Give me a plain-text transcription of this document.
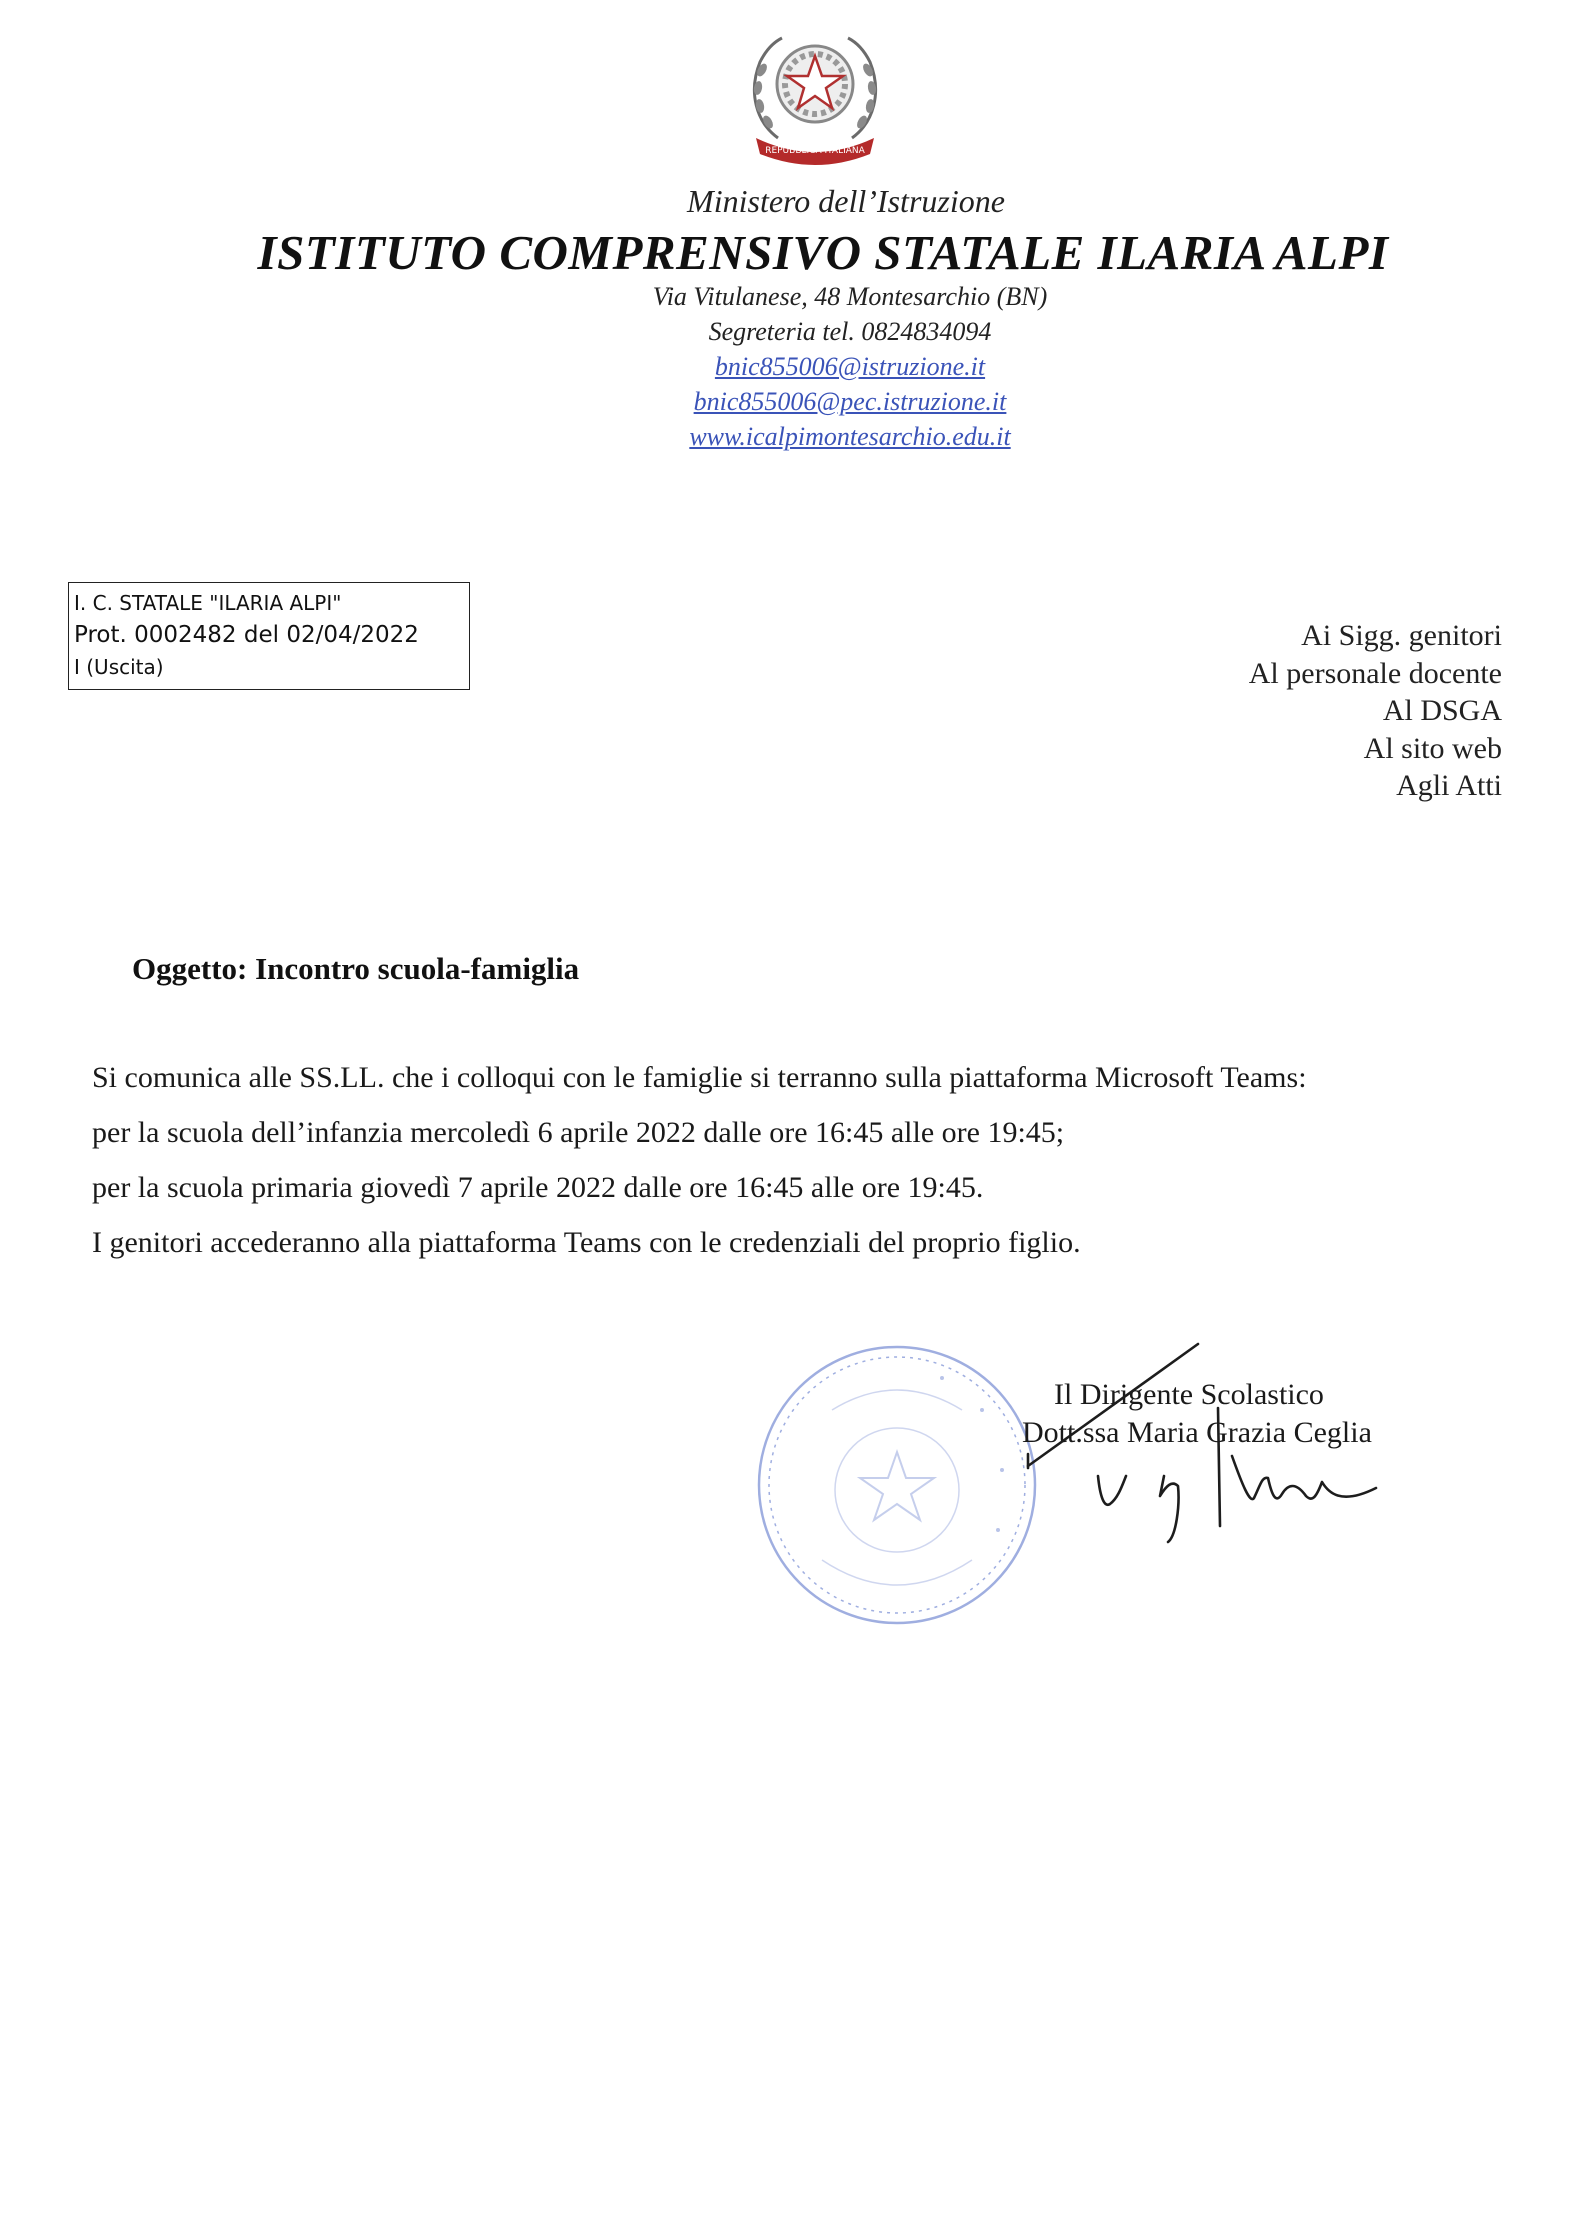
REPUBBLICA ITALIANA
Ministero dell’Istruzione
ISTITUTO COMPRENSIVO STATALE ILARIA ALPI
Via Vitulanese, 48 Montesarchio (BN)
Segreteria tel. 0824834094
bnic855006@istruzione.it
bnic855006@pec.istruzione.it
www.icalpimontesarchio.edu.it
I. C. STATALE "ILARIA ALPI"
Prot. 0002482 del 02/04/2022
I (Uscita)
Ai Sigg. genitori
Al personale docente
Al DSGA
Al sito web
Agli Atti
Oggetto: Incontro scuola-famiglia

Si comunica alle SS.LL. che i colloqui con le famiglie si terranno sulla piattaforma Microsoft Teams:

per la scuola dell’infanzia mercoledì 6 aprile 2022 dalle ore 16:45 alle ore 19:45;

per la scuola primaria giovedì 7 aprile 2022 dalle ore 16:45 alle ore 19:45.

I genitori accederanno alla piattaforma Teams con le credenziali del proprio figlio.

Il Dirigente Scolastico
Dott.ssa Maria Grazia Ceglia
